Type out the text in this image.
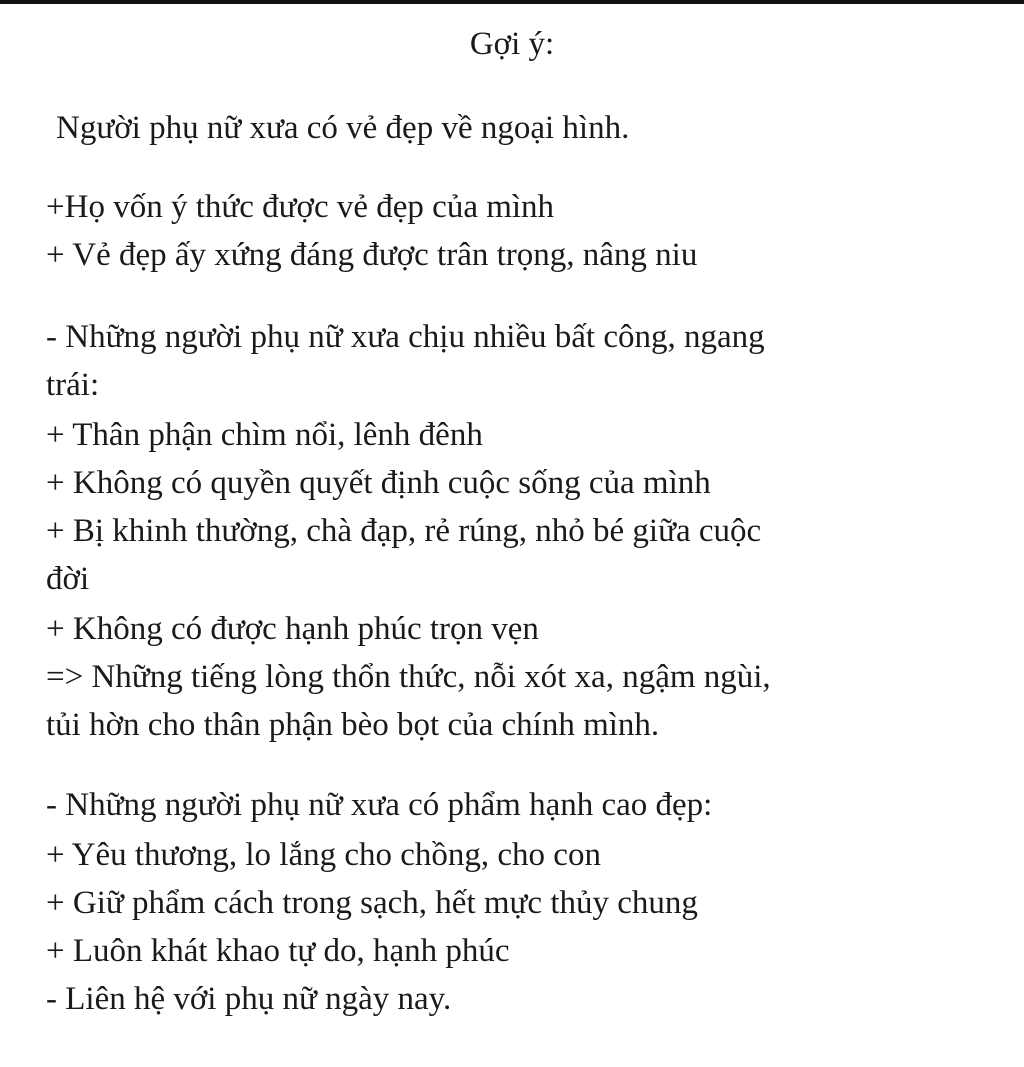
Gợi ý:
Người phụ nữ xưa có vẻ đẹp về ngoại hình.
+Họ vốn ý thức được vẻ đẹp của mình
+ Vẻ đẹp ấy xứng đáng được trân trọng, nâng niu
- Những người phụ nữ xưa chịu nhiều bất công, ngang
trái:
+ Thân phận chìm nổi, lênh đênh
+ Không có quyền quyết định cuộc sống của mình
+ Bị khinh thường, chà đạp, rẻ rúng, nhỏ bé giữa cuộc
đời
+ Không có được hạnh phúc trọn vẹn
=> Những tiếng lòng thổn thức, nỗi xót xa, ngậm ngùi,
tủi hờn cho thân phận bèo bọt của chính mình.
- Những người phụ nữ xưa có phẩm hạnh cao đẹp:
+ Yêu thương, lo lắng cho chồng, cho con
+ Giữ phẩm cách trong sạch, hết mực thủy chung
+ Luôn khát khao tự do, hạnh phúc
- Liên hệ với phụ nữ ngày nay.
